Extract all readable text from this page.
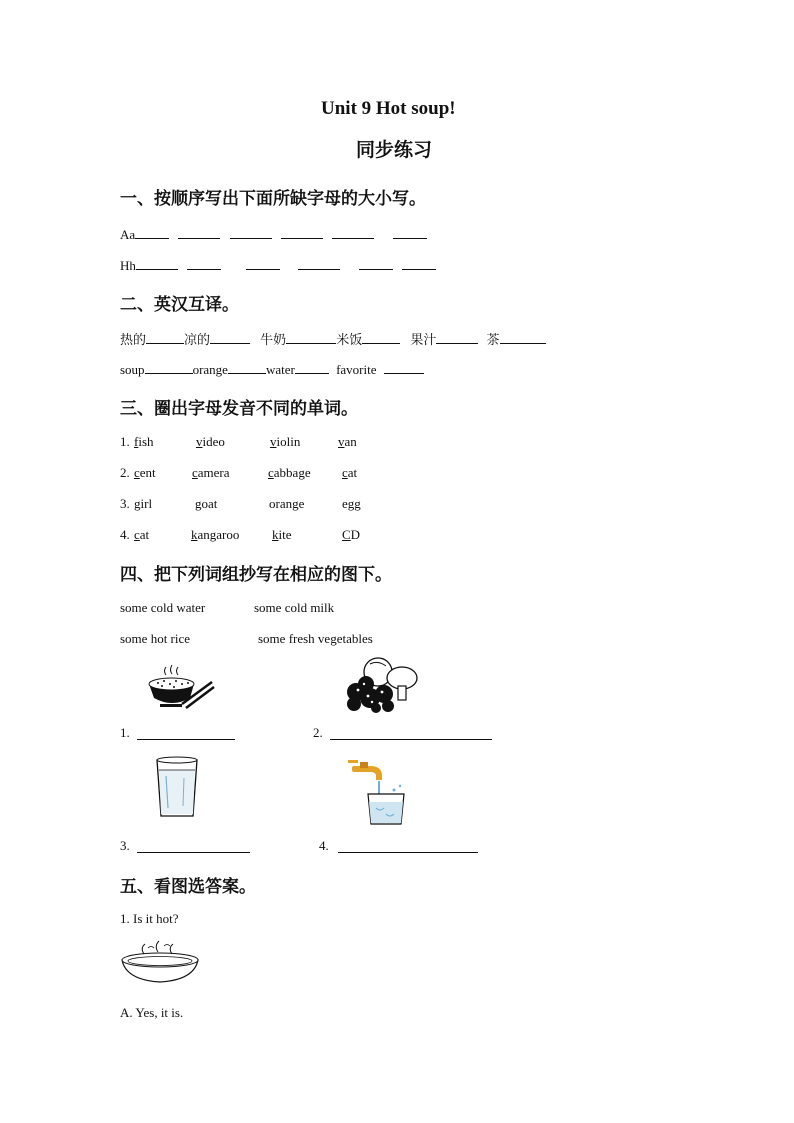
Unit 9 Hot soup!
同步练习
一、按顺序写出下面所缺字母的大小写。
Aa
Hh
二、英汉互译。
热的	凉的	牛奶	米饭	果汁	茶
soup	orange	water	favorite
三、圈出字母发音不同的单词。
1. fish	video	violin	van
2. cent	camera	cabbage cat
3. girl	goat	orange	egg
4. cat	kangaroo	kite	CD
四、把下列词组抄写在相应的图下。
some cold water	some cold milk
some hot rice	some fresh vegetables
1.	2.
3.	4.
五、看图选答案。
1. Is it hot?
A. Yes, it is.
